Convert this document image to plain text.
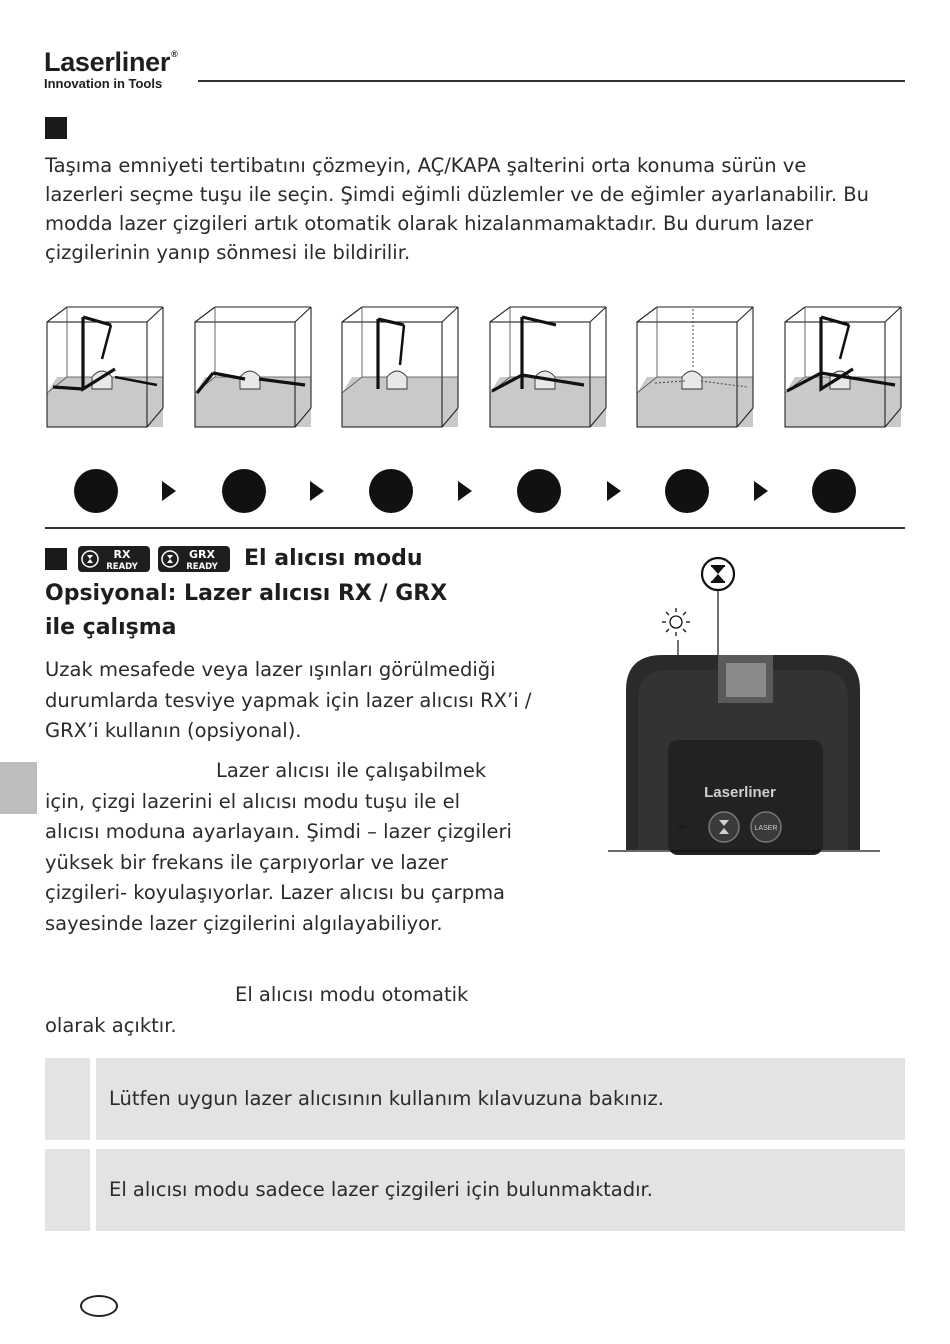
Laserliner®
Innovation in Tools

Taşıma emniyeti tertibatını çözmeyin, AÇ/KAPA şalterini orta konuma sürün ve lazerleri seçme tuşu ile seçin. Şimdi eğimli düzlemler ve de eğimler ayarlanabilir. Bu modda lazer çizgileri artık otomatik olarak hizalanmamaktadır. Bu durum lazer çizgilerinin yanıp sönmesi ile bildirilir.

RX
READY
GRX
READY El alıcısı modu
Opsiyonal: Lazer alıcısı RX / GRX
ile çalışma

Uzak mesafede veya lazer ışınları görülmediği durumlarda tesviye yapmak için lazer alıcısı RX’i / GRX’i kullanın (opsiyonal).

Lazer alıcısı ile çalışabilmek için, çizgi lazerini el alıcısı modu tuşu ile el alıcısı moduna ayarlayaın. Şimdi – lazer çizgileri yüksek bir frekans ile çarpıyorlar ve lazer çizgileri- koyulaşıyorlar. Lazer alıcısı bu çarpma sayesinde lazer çizgilerini algılayabiliyor.

El alıcısı modu otomatik olarak açıktır.

Laserliner
LASER
Lütfen uygun lazer alıcısının kullanım kılavuzuna bakınız.
El alıcısı modu sadece lazer çizgileri için bulunmaktadır.
